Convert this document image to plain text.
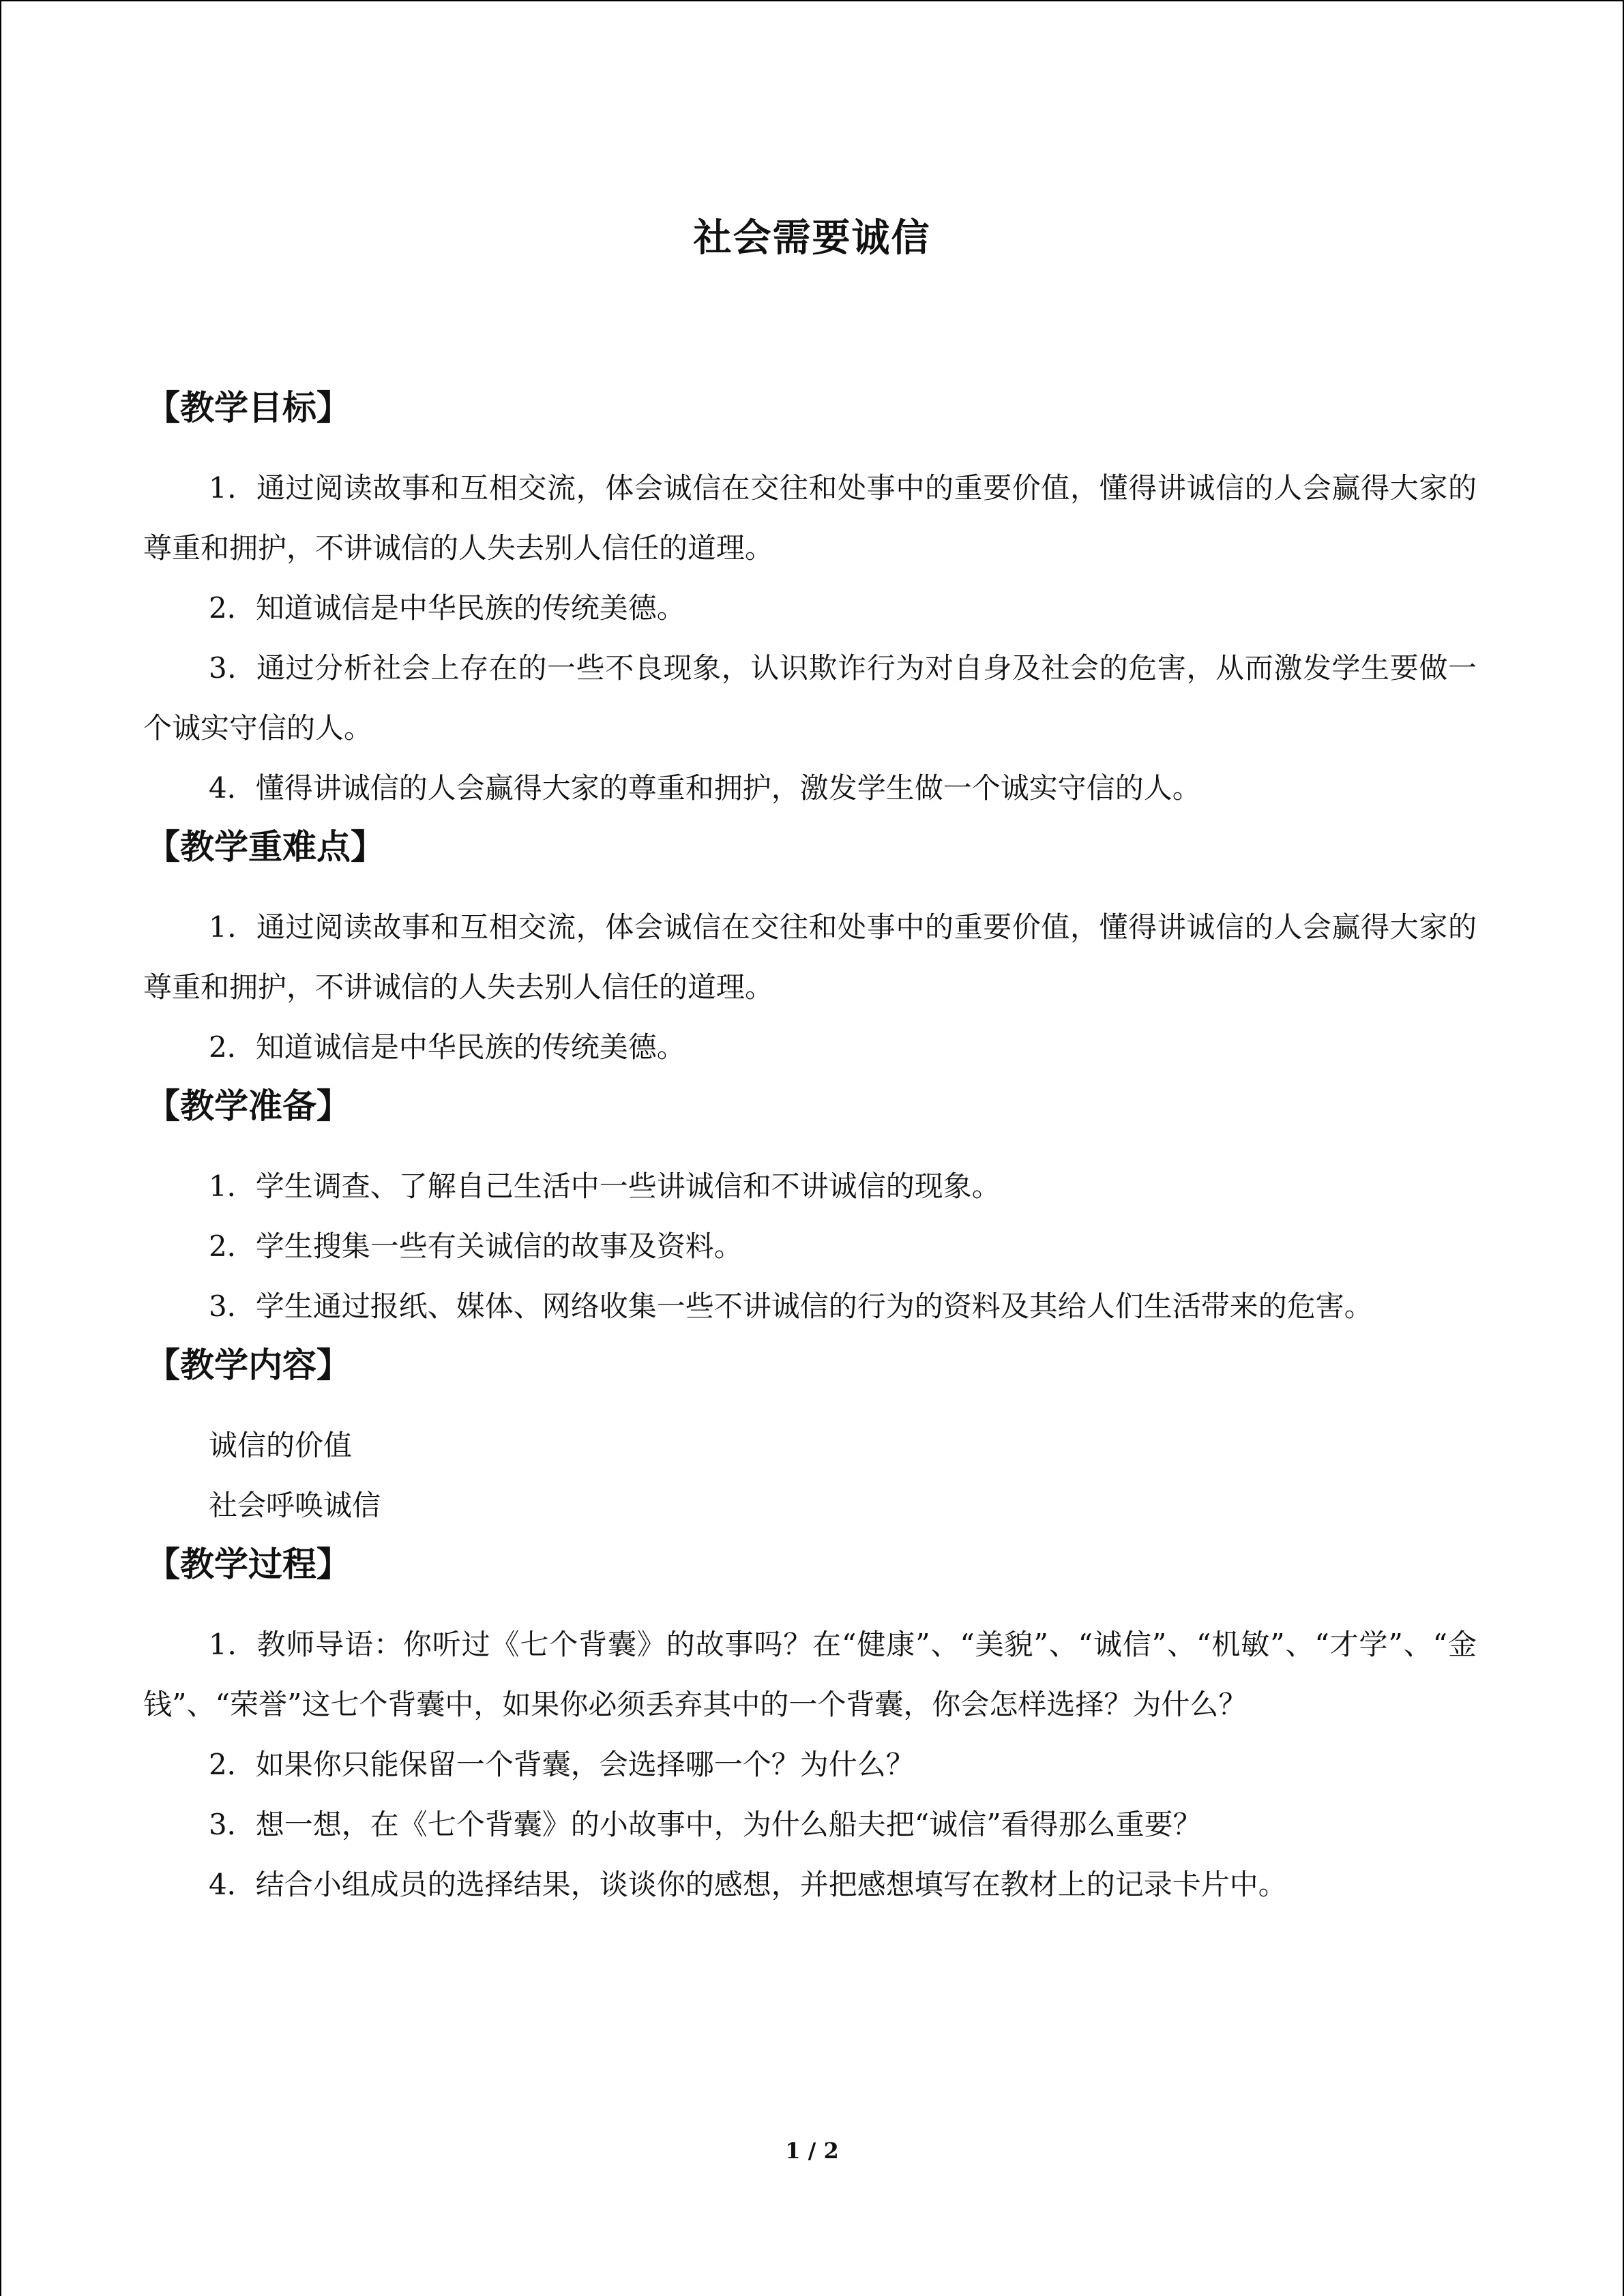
社会需要诚信
【教学目标】

1．通过阅读故事和互相交流，体会诚信在交往和处事中的重要价值，懂得讲诚信的人会赢得大家的尊重和拥护，不讲诚信的人失去别人信任的道理。

2．知道诚信是中华民族的传统美德。

3．通过分析社会上存在的一些不良现象，认识欺诈行为对自身及社会的危害，从而激发学生要做一个诚实守信的人。

4．懂得讲诚信的人会赢得大家的尊重和拥护，激发学生做一个诚实守信的人。

【教学重难点】

1．通过阅读故事和互相交流，体会诚信在交往和处事中的重要价值，懂得讲诚信的人会赢得大家的尊重和拥护，不讲诚信的人失去别人信任的道理。

2．知道诚信是中华民族的传统美德。

【教学准备】

1．学生调查、了解自己生活中一些讲诚信和不讲诚信的现象。

2．学生搜集一些有关诚信的故事及资料。

3．学生通过报纸、媒体、网络收集一些不讲诚信的行为的资料及其给人们生活带来的危害。

【教学内容】

诚信的价值

社会呼唤诚信

【教学过程】

1．教师导语：你听过《七个背囊》的故事吗？在“健康”、“美貌”、“诚信”、“机敏”、“才学”、“金钱”、“荣誉”这七个背囊中，如果你必须丢弃其中的一个背囊，你会怎样选择？为什么？

2．如果你只能保留一个背囊，会选择哪一个？为什么？

3．想一想，在《七个背囊》的小故事中，为什么船夫把“诚信”看得那么重要？

4．结合小组成员的选择结果，谈谈你的感想，并把感想填写在教材上的记录卡片中。

1 / 2
